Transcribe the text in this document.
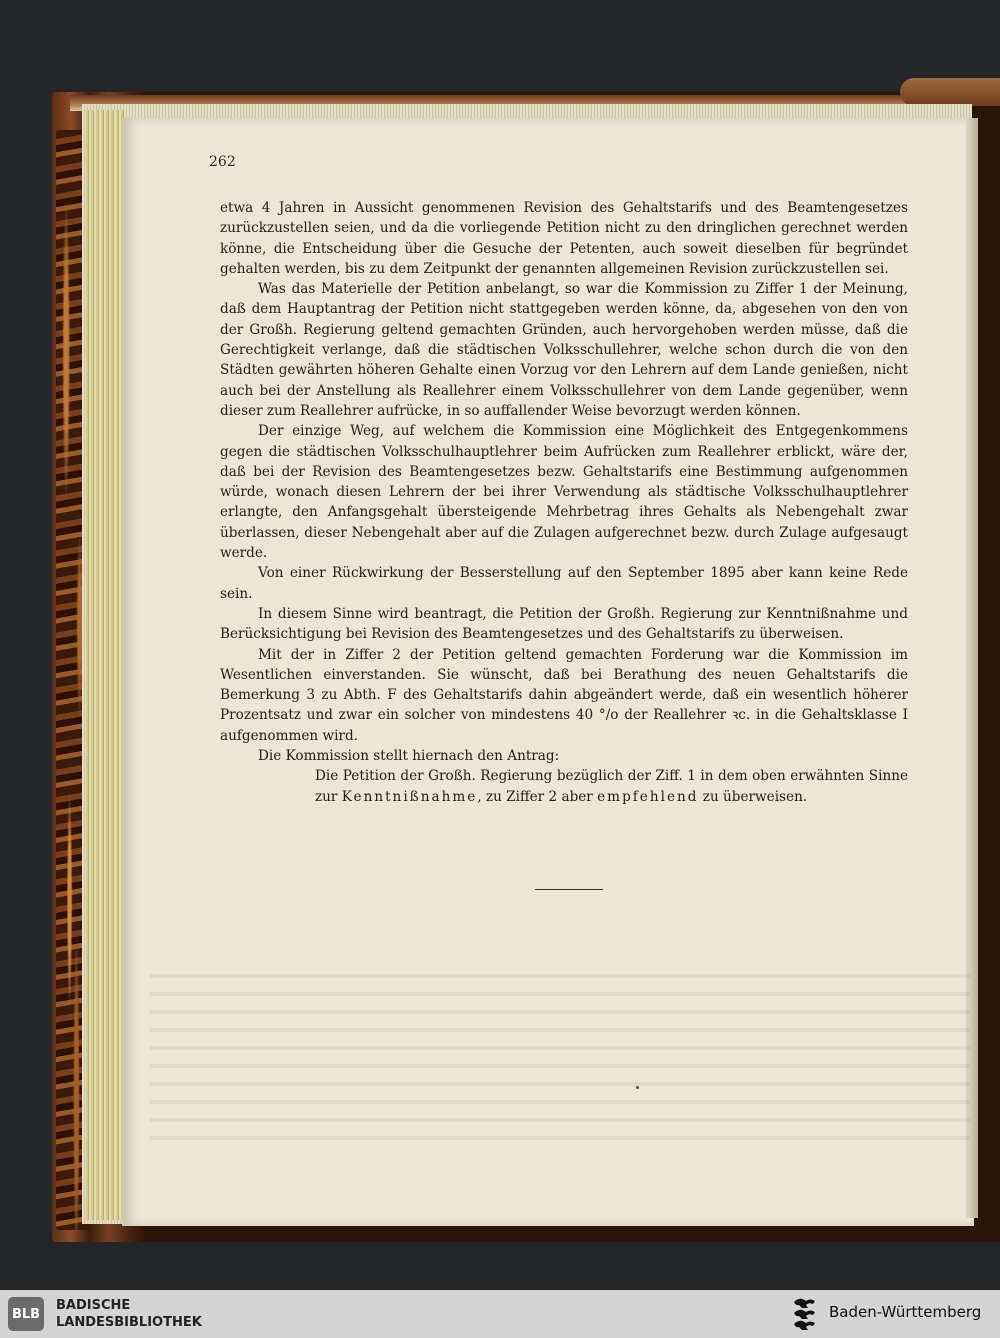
262

etwa 4 Jahren in Aussicht genommenen Revision des Gehaltstarifs und des Beamtengesetzes zurückzustellen seien, und da die vorliegende Petition nicht zu den dringlichen gerechnet werden könne, die Entscheidung über die Gesuche der Petenten, auch soweit dieselben für begründet gehalten werden, bis zu dem Zeitpunkt der genannten allgemeinen Revision zurückzustellen sei.

Was das Materielle der Petition anbelangt, so war die Kommission zu Ziffer 1 der Meinung, daß dem Hauptantrag der Petition nicht stattgegeben werden könne, da, abgesehen von den von der Großh. Regierung geltend gemachten Gründen, auch hervorgehoben werden müsse, daß die Gerechtigkeit verlange, daß die städtischen Volksschullehrer, welche schon durch die von den Städten gewährten höheren Gehalte einen Vorzug vor den Lehrern auf dem Lande genießen, nicht auch bei der Anstellung als Reallehrer einem Volksschullehrer von dem Lande gegenüber, wenn dieser zum Reallehrer aufrücke, in so auffallender Weise bevorzugt werden können.

Der einzige Weg, auf welchem die Kommission eine Möglichkeit des Entgegenkommens gegen die städtischen Volksschulhauptlehrer beim Aufrücken zum Reallehrer erblickt, wäre der, daß bei der Revision des Beamtengesetzes bezw. Gehaltstarifs eine Bestimmung aufgenommen würde, wonach diesen Lehrern der bei ihrer Verwendung als städtische Volksschulhauptlehrer erlangte, den Anfangsgehalt übersteigende Mehrbetrag ihres Gehalts als Nebengehalt zwar überlassen, dieser Nebengehalt aber auf die Zulagen aufgerechnet bezw. durch Zulage aufgesaugt werde.

Von einer Rückwirkung der Besserstellung auf den September 1895 aber kann keine Rede sein.

In diesem Sinne wird beantragt, die Petition der Großh. Regierung zur Kenntnißnahme und Berücksichtigung bei Revision des Beamtengesetzes und des Gehaltstarifs zu überweisen.

Mit der in Ziffer 2 der Petition geltend gemachten Forderung war die Kommission im Wesentlichen einverstanden. Sie wünscht, daß bei Berathung des neuen Gehaltstarifs die Bemerkung 3 zu Abth. F des Gehaltstarifs dahin abgeändert werde, daß ein wesentlich höherer Prozentsatz und zwar ein solcher von mindestens 40 °/o der Reallehrer ꝛc. in die Gehaltsklasse I aufgenommen wird.

Die Kommission stellt hiernach den Antrag:

Die Petition der Großh. Regierung bezüglich der Ziff. 1 in dem oben erwähnten Sinne zur Kenntnißnahme, zu Ziffer 2 aber empfehlend zu überweisen.

BLB
BADISCHE
LANDESBIBLIOTHEK
Baden-Württemberg
